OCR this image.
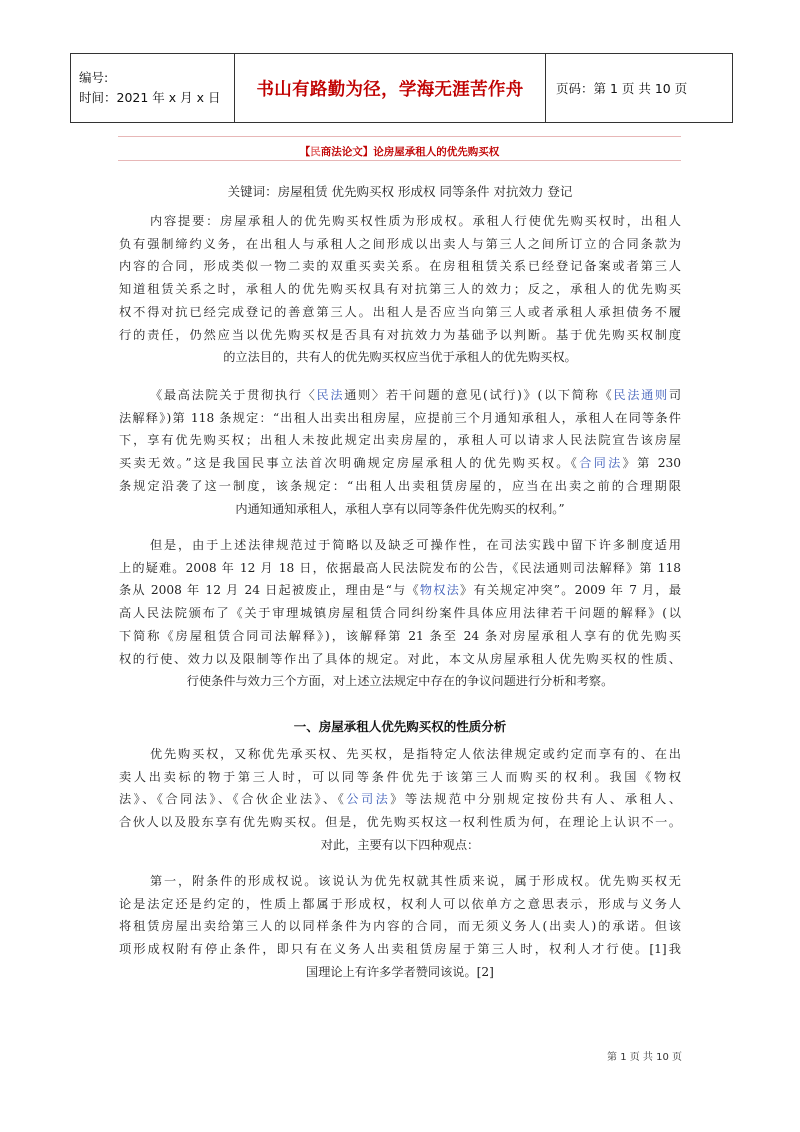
编号:
时间：2021 年 x 月 x 日	书山有路勤为径，学海无涯苦作舟	页码：第 1 页 共 10 页
【民商法论文】论房屋承租人的优先购买权
关键词：房屋租赁 优先购买权 形成权 同等条件 对抗效力 登记
内容提要：房屋承租人的优先购买权性质为形成权。承租人行使优先购买权时，出租人
负有强制缔约义务，在出租人与承租人之间形成以出卖人与第三人之间所订立的合同条款为
内容的合同，形成类似一物二卖的双重买卖关系。在房租租赁关系已经登记备案或者第三人
知道租赁关系之时，承租人的优先购买权具有对抗第三人的效力；反之，承租人的优先购买
权不得对抗已经完成登记的善意第三人。出租人是否应当向第三人或者承租人承担债务不履
行的责任，仍然应当以优先购买权是否具有对抗效力为基础予以判断。基于优先购买权制度
的立法目的，共有人的优先购买权应当优于承租人的优先购买权。
《最高法院关于贯彻执行〈民法通则〉若干问题的意见(试行)》(以下简称《民法通则司
法解释》)第 118 条规定：“出租人出卖出租房屋，应提前三个月通知承租人，承租人在同等条件
下，享有优先购买权；出租人未按此规定出卖房屋的，承租人可以请求人民法院宣告该房屋
买卖无效。”这是我国民事立法首次明确规定房屋承租人的优先购买权。《合同法》第 230
条规定沿袭了这一制度，该条规定：“出租人出卖租赁房屋的，应当在出卖之前的合理期限
内通知通知承租人，承租人享有以同等条件优先购买的权利。”
但是，由于上述法律规范过于简略以及缺乏可操作性，在司法实践中留下许多制度适用
上的疑难。2008 年 12 月 18 日，依据最高人民法院发布的公告，《民法通则司法解释》第 118
条从 2008 年 12 月 24 日起被废止，理由是“与《物权法》有关规定冲突”。2009 年 7 月，最
高人民法院颁布了《关于审理城镇房屋租赁合同纠纷案件具体应用法律若干问题的解释》(以
下简称《房屋租赁合同司法解释》)，该解释第 21 条至 24 条对房屋承租人享有的优先购买
权的行使、效力以及限制等作出了具体的规定。对此，本文从房屋承租人优先购买权的性质、
行使条件与效力三个方面，对上述立法规定中存在的争议问题进行分析和考察。
一、房屋承租人优先购买权的性质分析
优先购买权，又称优先承买权、先买权，是指特定人依法律规定或约定而享有的、在出
卖人出卖标的物于第三人时，可以同等条件优先于该第三人而购买的权利。我国《物权
法》、《合同法》、《合伙企业法》、《公司法》等法规范中分别规定按份共有人、承租人、
合伙人以及股东享有优先购买权。但是，优先购买权这一权利性质为何，在理论上认识不一。
对此，主要有以下四种观点：
第一，附条件的形成权说。该说认为优先权就其性质来说，属于形成权。优先购买权无
论是法定还是约定的，性质上都属于形成权，权利人可以依单方之意思表示，形成与义务人
将租赁房屋出卖给第三人的以同样条件为内容的合同，而无须义务人(出卖人)的承诺。但该
项形成权附有停止条件，即只有在义务人出卖租赁房屋于第三人时，权利人才行使。[1]我
国理论上有许多学者赞同该说。[2]
第 1 页 共 10 页
